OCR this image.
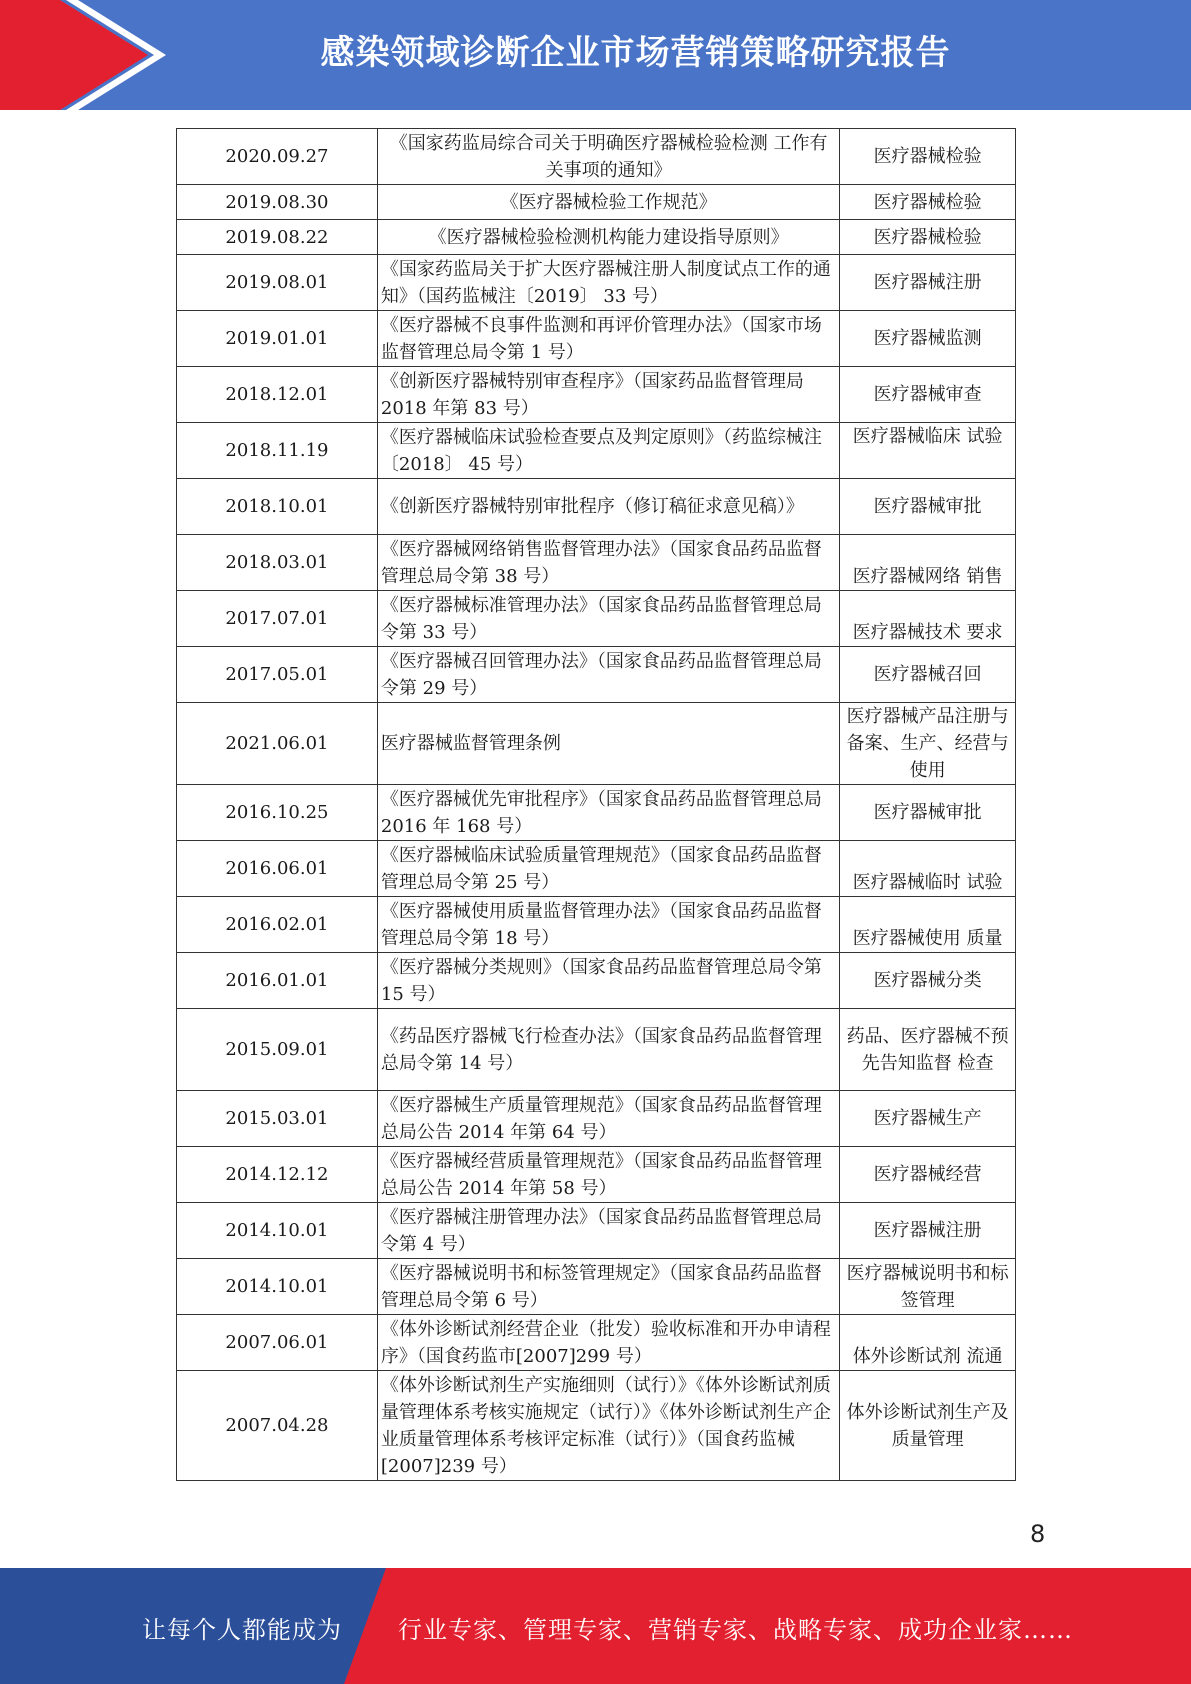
感染领域诊断企业市场营销策略研究报告
2020.09.27	《国家药监局综合司关于明确医疗器械检验检测 工作有关事项的通知》	医疗器械检验
2019.08.30	《医疗器械检验工作规范》	医疗器械检验
2019.08.22	《医疗器械检验检测机构能力建设指导原则》	医疗器械检验
2019.08.01	《国家药监局关于扩大医疗器械注册人制度试点工作的通知》（国药监械注〔2019〕 33 号）	医疗器械注册
2019.01.01	《医疗器械不良事件监测和再评价管理办法》（国家市场监督管理总局令第 1 号）	医疗器械监测
2018.12.01	《创新医疗器械特别审查程序》（国家药品监督管理局 2018 年第 83 号）	医疗器械审查
2018.11.19	《医疗器械临床试验检查要点及判定原则》（药监综械注〔2018〕 45 号）	医疗器械临床 试验
2018.10.01	《创新医疗器械特别审批程序（修订稿征求意见稿）》	医疗器械审批
2018.03.01	《医疗器械网络销售监督管理办法》（国家食品药品监督管理总局令第 38 号）	医疗器械网络 销售
2017.07.01	《医疗器械标准管理办法》（国家食品药品监督管理总局令第 33 号）	医疗器械技术 要求
2017.05.01	《医疗器械召回管理办法》（国家食品药品监督管理总局令第 29 号）	医疗器械召回
2021.06.01	医疗器械监督管理条例	医疗器械产品注册与备案、生产、经营与使用
2016.10.25	《医疗器械优先审批程序》（国家食品药品监督管理总局 2016 年 168 号）	医疗器械审批
2016.06.01	《医疗器械临床试验质量管理规范》（国家食品药品监督管理总局令第 25 号）	医疗器械临时 试验
2016.02.01	《医疗器械使用质量监督管理办法》（国家食品药品监督管理总局令第 18 号）	医疗器械使用 质量
2016.01.01	《医疗器械分类规则》（国家食品药品监督管理总局令第 15 号）	医疗器械分类
2015.09.01	《药品医疗器械飞行检查办法》（国家食品药品监督管理总局令第 14 号）	药品、医疗器械不预先告知监督 检查
2015.03.01	《医疗器械生产质量管理规范》（国家食品药品监督管理总局公告 2014 年第 64 号）	医疗器械生产
2014.12.12	《医疗器械经营质量管理规范》（国家食品药品监督管理总局公告 2014 年第 58 号）	医疗器械经营
2014.10.01	《医疗器械注册管理办法》（国家食品药品监督管理总局令第 4 号）	医疗器械注册
2014.10.01	《医疗器械说明书和标签管理规定》（国家食品药品监督管理总局令第 6 号）	医疗器械说明书和标签管理
2007.06.01	《体外诊断试剂经营企业（批发）验收标准和开办申请程序》（国食药监市[2007]299 号）	体外诊断试剂 流通
2007.04.28	《体外诊断试剂生产实施细则（试行）》《体外诊断试剂质量管理体系考核实施规定（试行）》《体外诊断试剂生产企业质量管理体系考核评定标准（试行）》（国食药监械[2007]239 号）	体外诊断试剂生产及质量管理
8
让每个人都能成为 行业专家、管理专家、营销专家、战略专家、成功企业家……
